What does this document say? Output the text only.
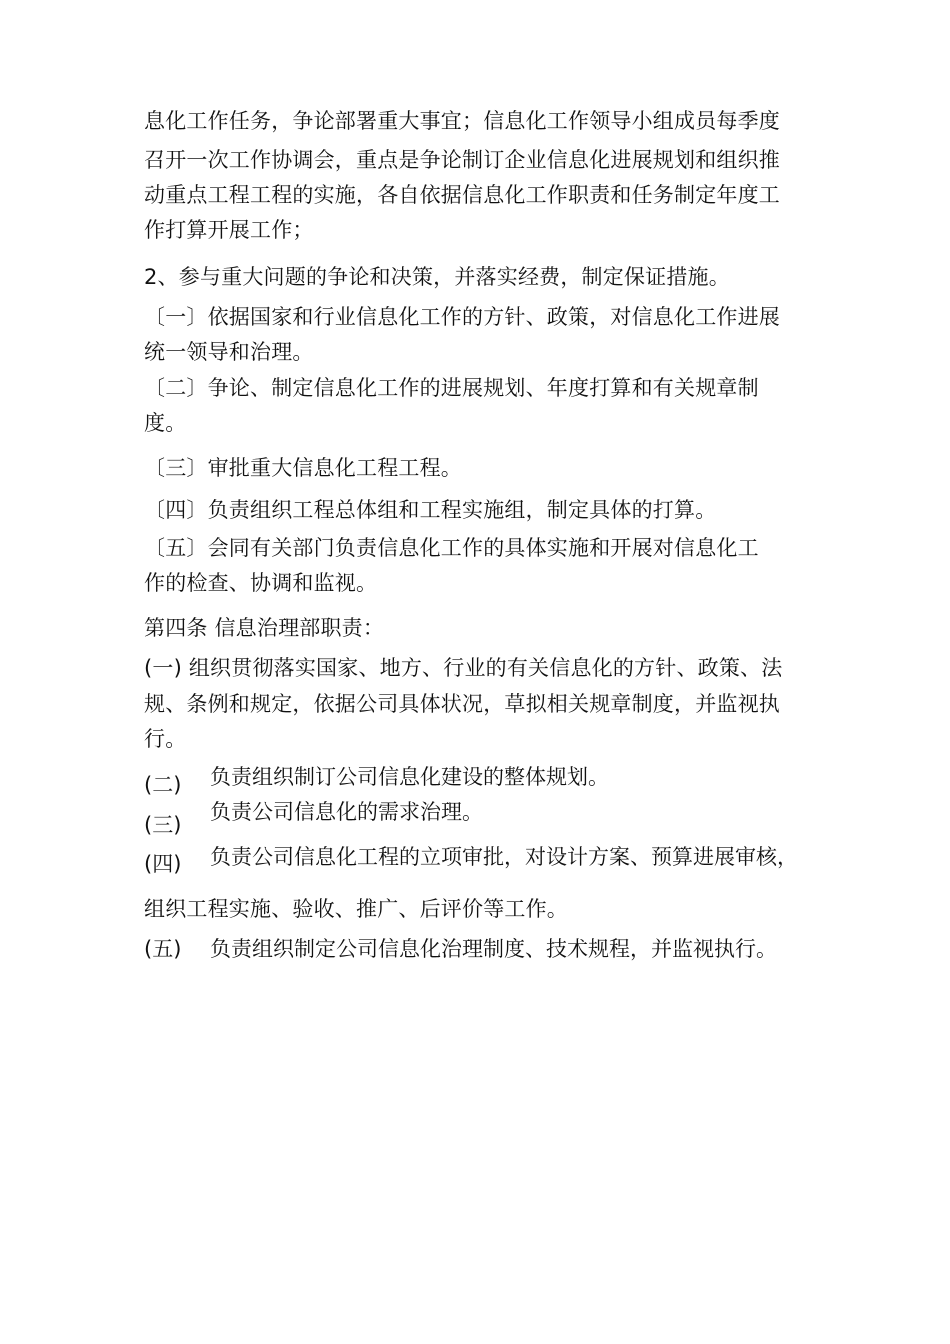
息化工作任务，争论部署重大事宜；信息化工作领导小组成员每季度
召开一次工作协调会，重点是争论制订企业信息化进展规划和组织推
动重点工程工程的实施，各自依据信息化工作职责和任务制定年度工
作打算开展工作；
2、参与重大问题的争论和决策，并落实经费，制定保证措施。
〔一〕依据国家和行业信息化工作的方针、政策，对信息化工作进展
统一领导和治理。
〔二〕争论、制定信息化工作的进展规划、年度打算和有关规章制
度。
〔三〕审批重大信息化工程工程。
〔四〕负责组织工程总体组和工程实施组，制定具体的打算。
〔五〕会同有关部门负责信息化工作的具体实施和开展对信息化工
作的检查、协调和监视。
第四条 信息治理部职责：
(一) 组织贯彻落实国家、地方、行业的有关信息化的方针、政策、法
规、条例和规定，依据公司具体状况，草拟相关规章制度，并监视执
行。
(二) 负责组织制订公司信息化建设的整体规划。
(三)
负责公司信息化的需求治理。
(四) 负责公司信息化工程的立项审批，对设计方案、预算进展审核，
组织工程实施、验收、推广、后评价等工作。
(五) 负责组织制定公司信息化治理制度、技术规程，并监视执行。
